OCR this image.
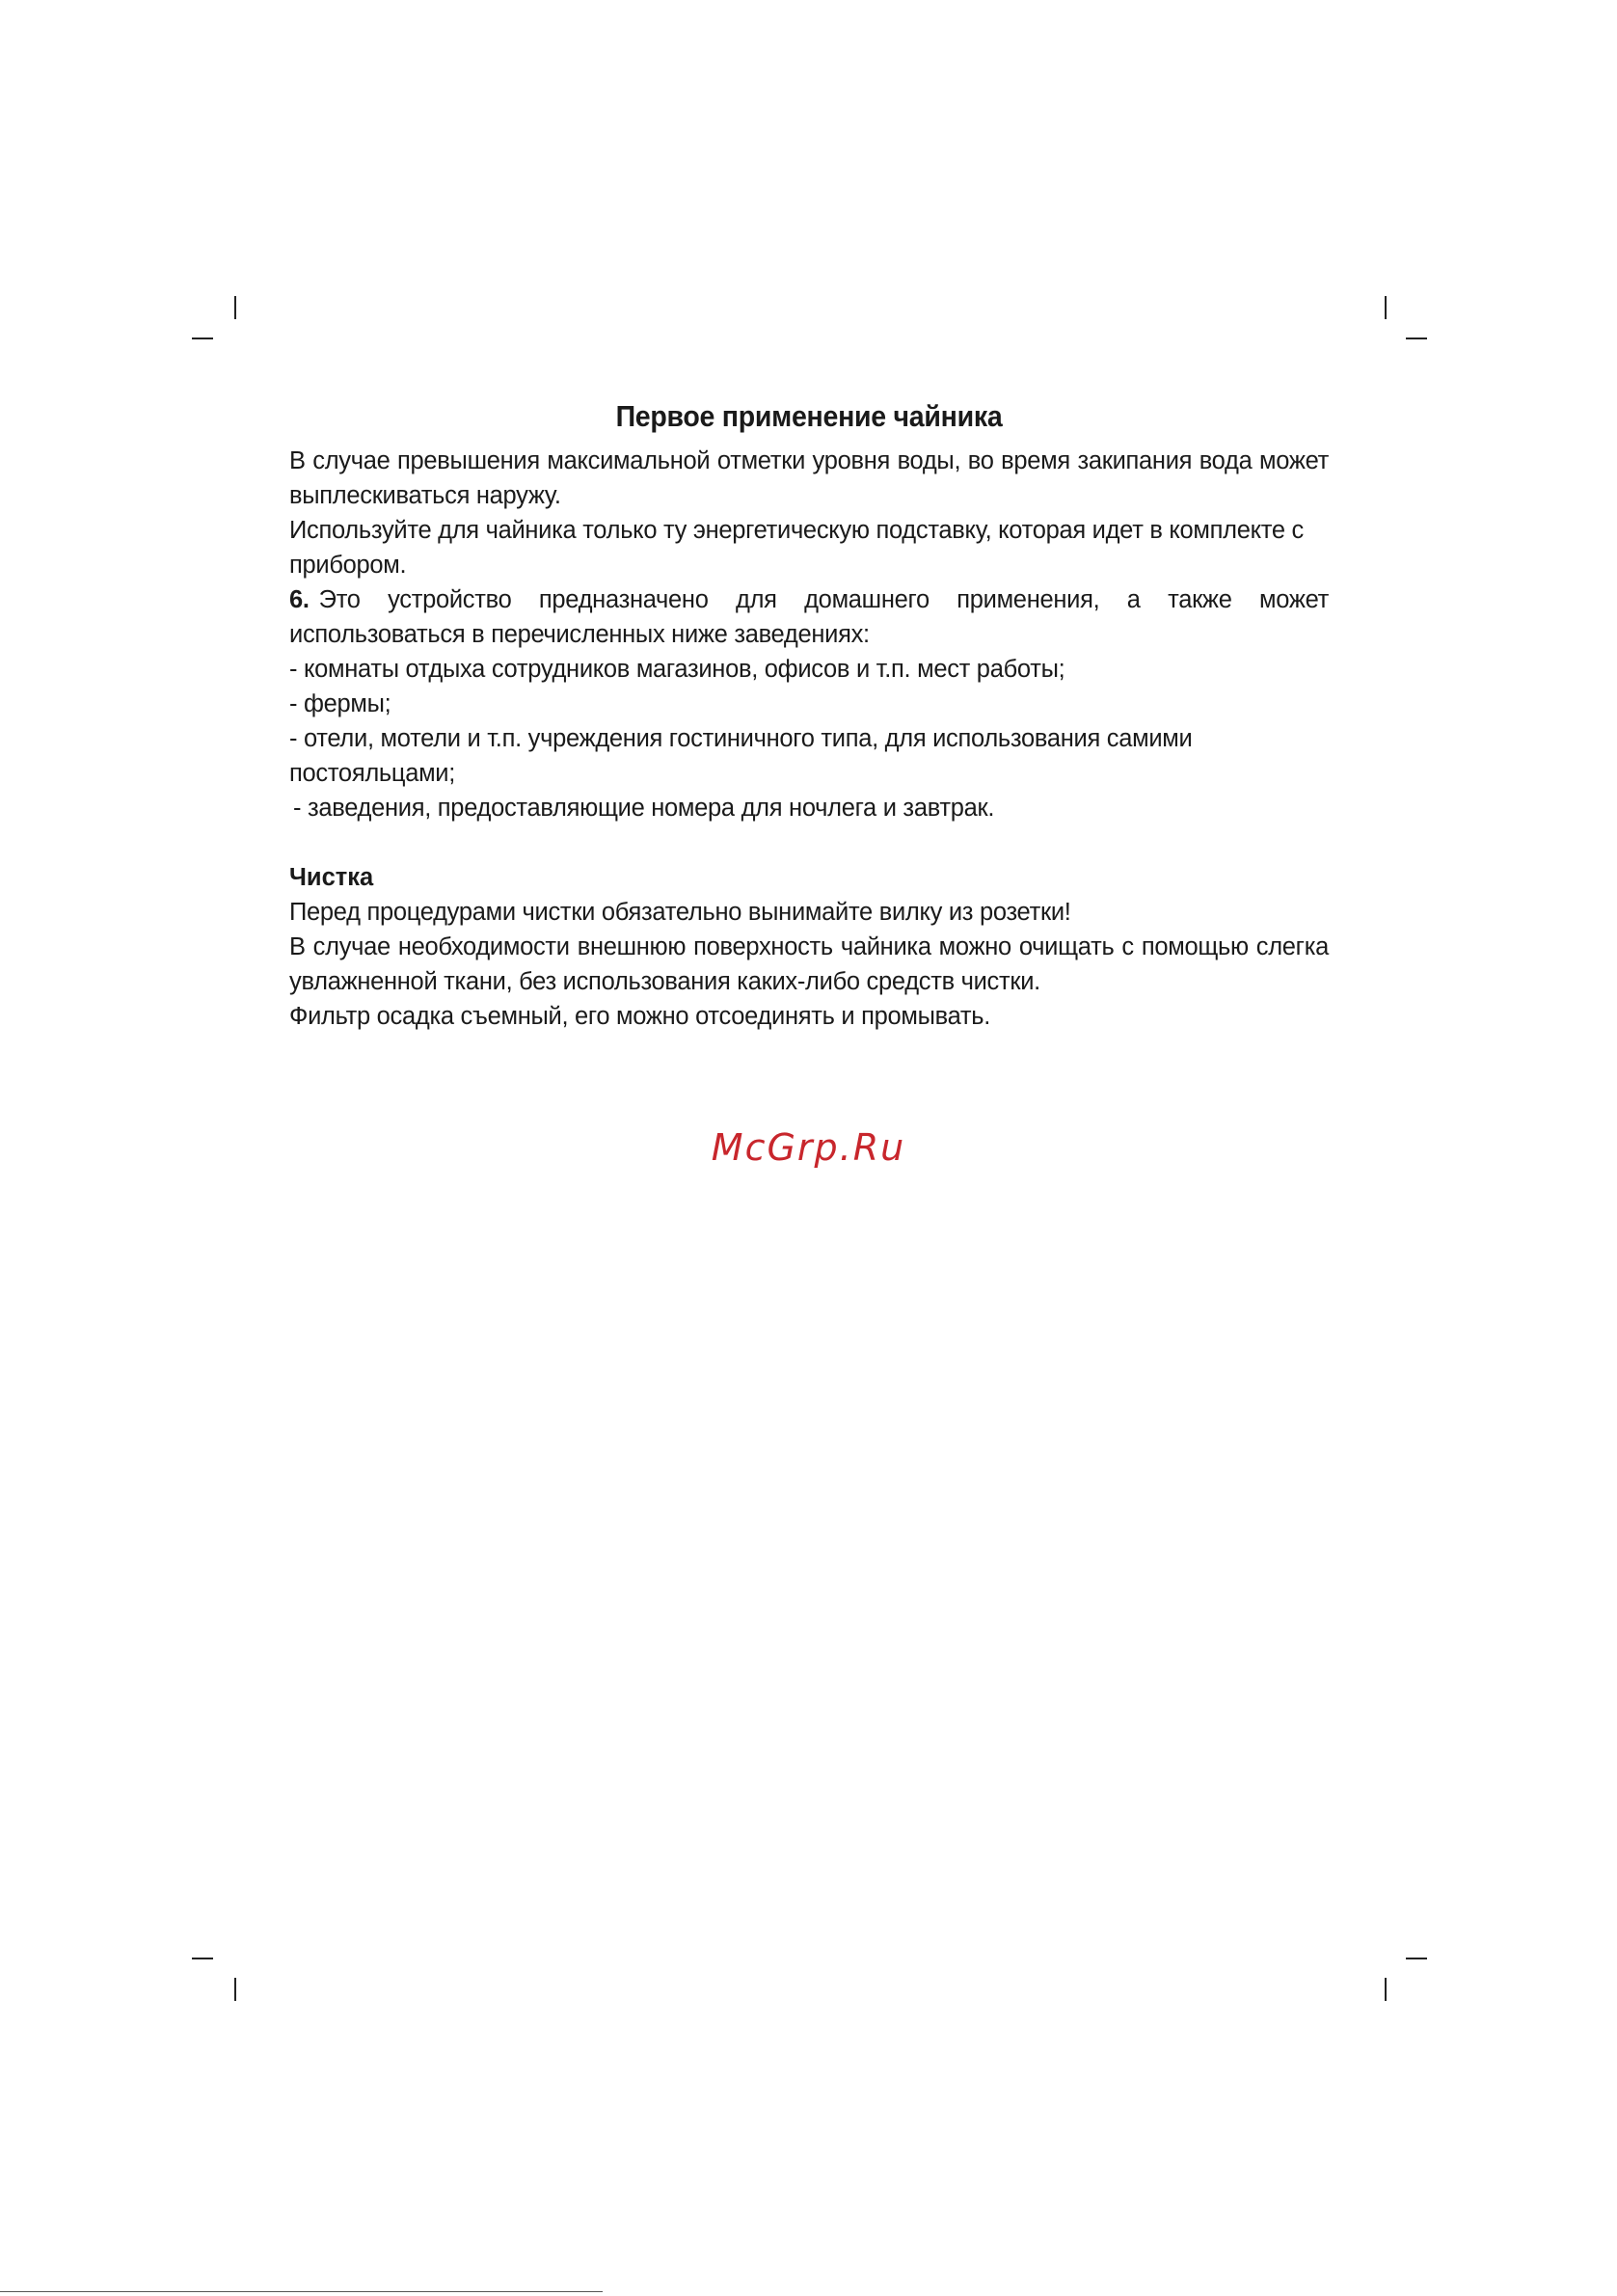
Первое применение чайника

В случае превышения максимальной отметки уровня воды, во время закипания вода может выплескиваться наружу.

Используйте для чайника только ту энергетическую подставку, которая идет в комплекте с прибором.

6. Это устройство предназначено для домашнего применения, а также может использоваться в перечисленных ниже заведениях:

- комнаты отдыха сотрудников магазинов, офисов и т.п. мест работы;

- фермы;

- отели, мотели и т.п. учреждения гостиничного типа, для использования самими постояльцами;

- заведения, предоставляющие номера для ночлега и завтрак.

Чистка

Перед процедурами чистки обязательно вынимайте вилку из розетки!

В случае необходимости внешнюю поверхность чайника можно очищать с помощью слегка увлажненной ткани, без использования каких-либо средств чистки.

Фильтр осадка съемный, его можно отсоединять и промывать.

McGrp.Ru
